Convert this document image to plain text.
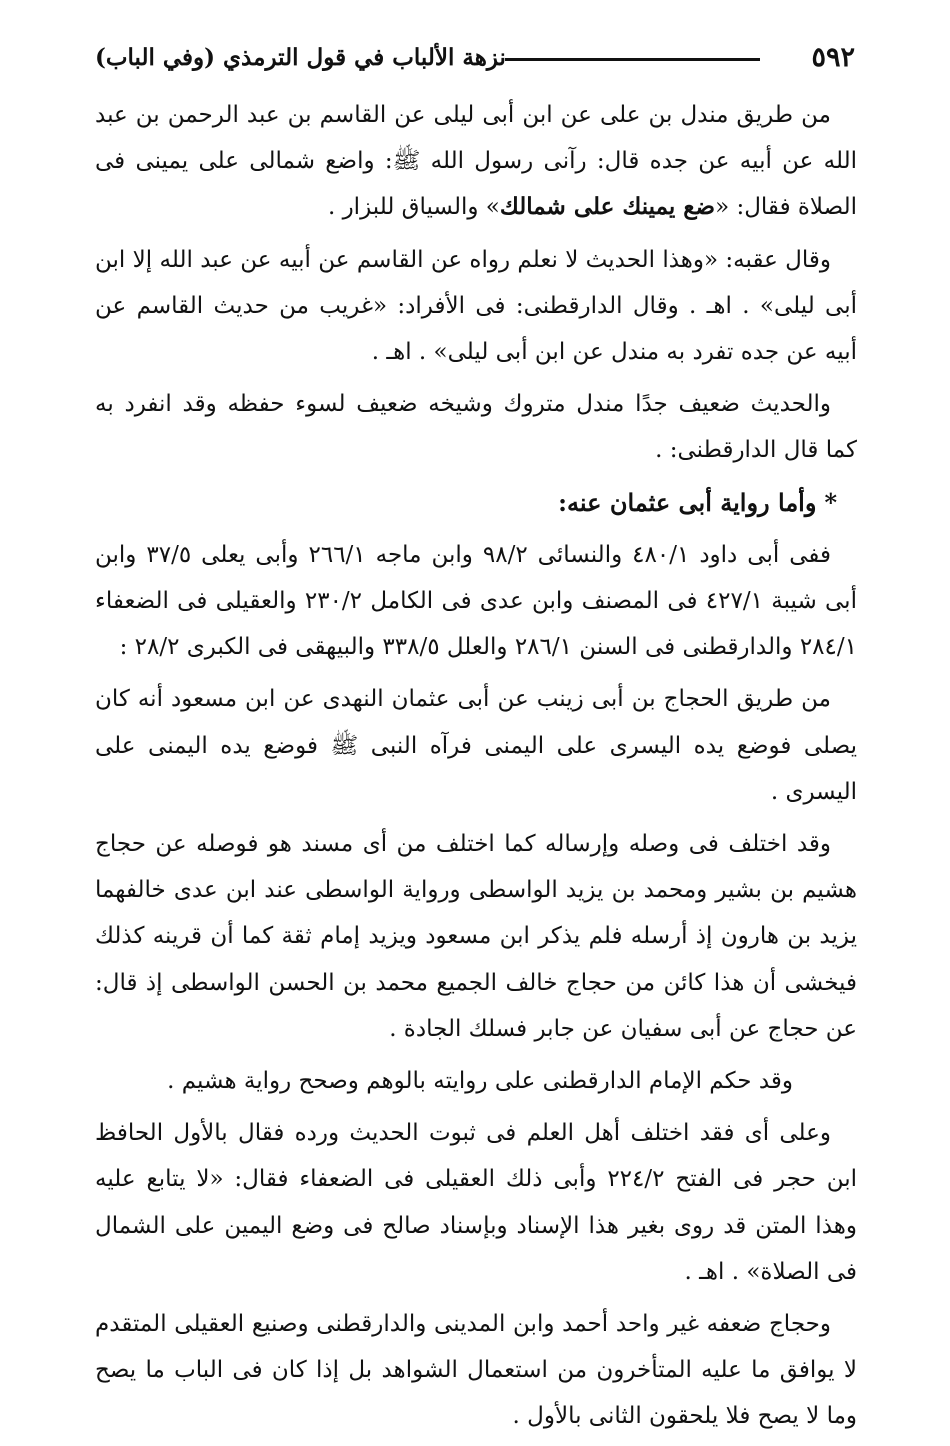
٥٩٢
نزهة الألباب في قول الترمذي (وفي الباب)

من طريق مندل بن على عن ابن أبى ليلى عن القاسم بن عبد الرحمن بن عبد الله عن أبيه عن جده قال: رآنى رسول الله ﷺ: واضع شمالى على يمينى فى الصلاة فقال: «ضع يمينك على شمالك» والسياق للبزار .

وقال عقبه: «وهذا الحديث لا نعلم رواه عن القاسم عن أبيه عن عبد الله إلا ابن أبى ليلى» . اهـ . وقال الدارقطنى: فى الأفراد: «غريب من حديث القاسم عن أبيه عن جده تفرد به مندل عن ابن أبى ليلى» . اهـ .

والحديث ضعيف جدًا مندل متروك وشيخه ضعيف لسوء حفظه وقد انفرد به كما قال الدارقطنى: .

*وأما رواية أبى عثمان عنه:

ففى أبى داود ٤٨٠/١ والنسائى ٩٨/٢ وابن ماجه ٢٦٦/١ وأبى يعلى ٣٧/٥ وابن أبى شيبة ٤٢٧/١ فى المصنف وابن عدى فى الكامل ٢٣٠/٢ والعقيلى فى الضعفاء ٢٨٤/١ والدارقطنى فى السنن ٢٨٦/١ والعلل ٣٣٨/٥ والبيهقى فى الكبرى ٢٨/٢ :

من طريق الحجاج بن أبى زينب عن أبى عثمان النهدى عن ابن مسعود أنه كان يصلى فوضع يده اليسرى على اليمنى فرآه النبى ﷺ فوضع يده اليمنى على اليسرى .

وقد اختلف فى وصله وإرساله كما اختلف من أى مسند هو فوصله عن حجاج هشيم بن بشير ومحمد بن يزيد الواسطى ورواية الواسطى عند ابن عدى خالفهما يزيد بن هارون إذ أرسله فلم يذكر ابن مسعود ويزيد إمام ثقة كما أن قرينه كذلك فيخشى أن هذا كائن من حجاج خالف الجميع محمد بن الحسن الواسطى إذ قال: عن حجاج عن أبى سفيان عن جابر فسلك الجادة .

وقد حكم الإمام الدارقطنى على روايته بالوهم وصحح رواية هشيم .

وعلى أى فقد اختلف أهل العلم فى ثبوت الحديث ورده فقال بالأول الحافظ ابن حجر فى الفتح ٢٢٤/٢ وأبى ذلك العقيلى فى الضعفاء فقال: «لا يتابع عليه وهذا المتن قد روى بغير هذا الإسناد وبإسناد صالح فى وضع اليمين على الشمال فى الصلاة» . اهـ .

وحجاج ضعفه غير واحد أحمد وابن المدينى والدارقطنى وصنيع العقيلى المتقدم لا يوافق ما عليه المتأخرون من استعمال الشواهد بل إذا كان فى الباب ما يصح وما لا يصح فلا يلحقون الثانى بالأول .
